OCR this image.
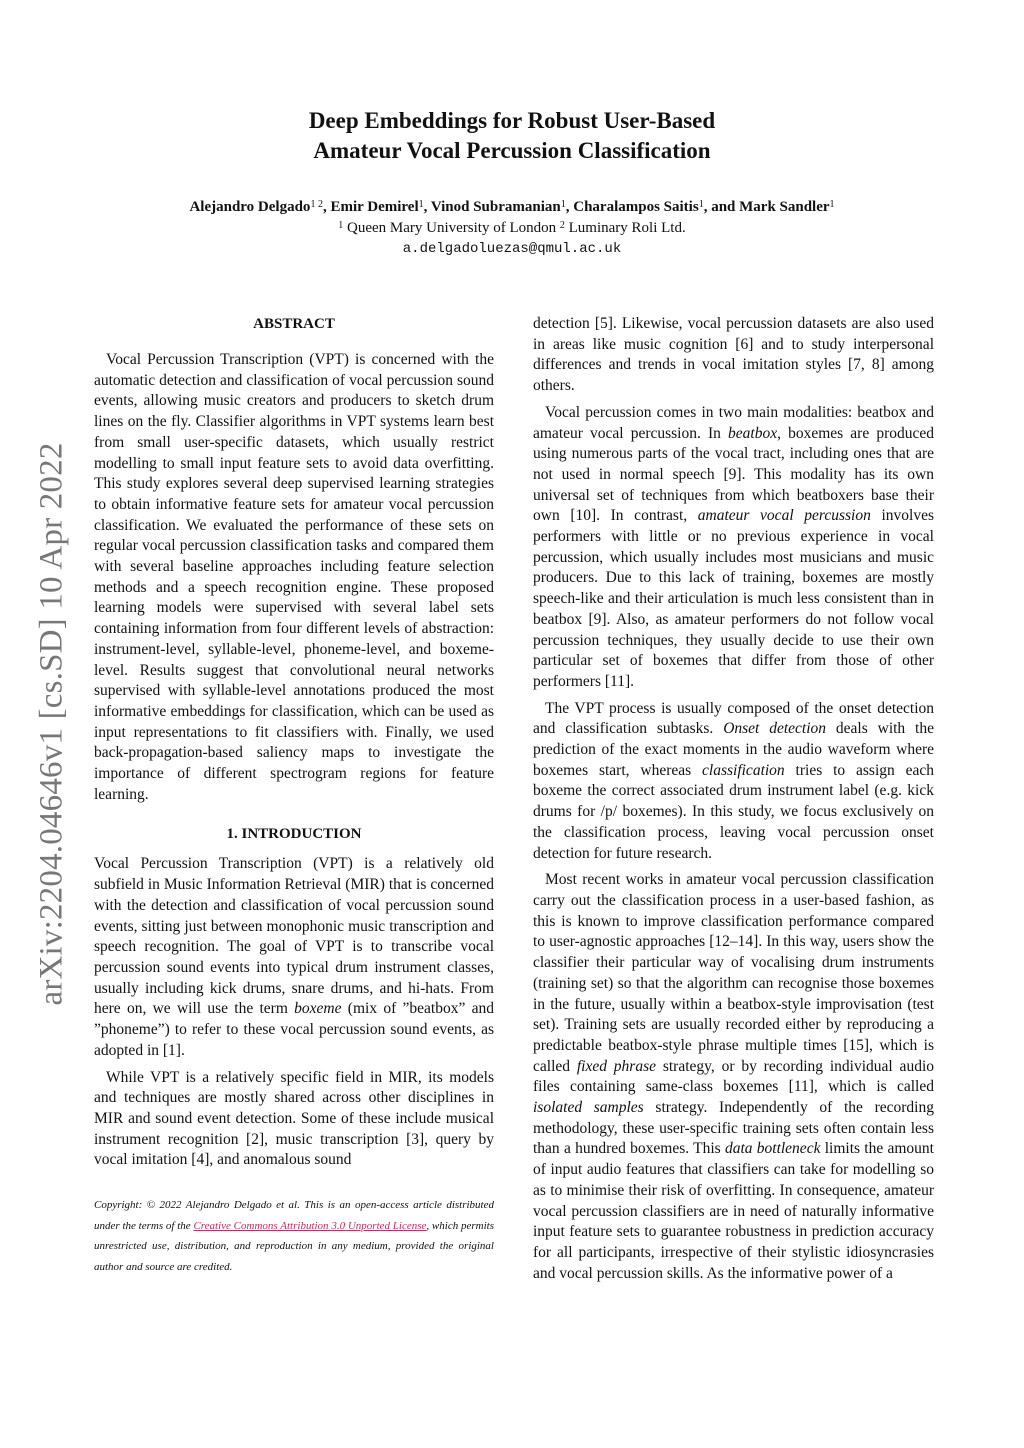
arXiv:2204.04646v1 [cs.SD] 10 Apr 2022
Deep Embeddings for Robust User-Based
Amateur Vocal Percussion Classification
Alejandro Delgado$^{1 2}$, Emir Demirel$^1$, Vinod Subramanian$^1$, Charalampos Saitis$^1$, and Mark Sandler$^1$
$^1$ Queen Mary University of London $^2$ Luminary Roli Ltd.
a.delgadoluezas@qmul.ac.uk
ABSTRACT

Vocal Percussion Transcription (VPT) is concerned with the automatic detection and classification of vocal percussion sound events, allowing music creators and producers to sketch drum lines on the fly. Classifier algorithms in VPT systems learn best from small user-specific datasets, which usually restrict modelling to small input feature sets to avoid data overfitting. This study explores several deep supervised learning strategies to obtain informative feature sets for amateur vocal percussion classification. We evaluated the performance of these sets on regular vocal percussion classification tasks and compared them with several baseline approaches including feature selection methods and a speech recognition engine. These proposed learning models were supervised with several label sets containing information from four different levels of abstraction: instrument-level, syllable-level, phoneme-level, and boxeme-level. Results suggest that convolutional neural networks supervised with syllable-level annotations produced the most informative embeddings for classification, which can be used as input representations to fit classifiers with. Finally, we used back-propagation-based saliency maps to investigate the importance of different spectrogram regions for feature learning.

1. INTRODUCTION

Vocal Percussion Transcription (VPT) is a relatively old subfield in Music Information Retrieval (MIR) that is concerned with the detection and classification of vocal percussion sound events, sitting just between monophonic music transcription and speech recognition. The goal of VPT is to transcribe vocal percussion sound events into typical drum instrument classes, usually including kick drums, snare drums, and hi-hats. From here on, we will use the term boxeme (mix of ”beatbox” and ”phoneme”) to refer to these vocal percussion sound events, as adopted in [1].

While VPT is a relatively specific field in MIR, its models and techniques are mostly shared across other disciplines in MIR and sound event detection. Some of these include musical instrument recognition [2], music transcription [3], query by vocal imitation [4], and anomalous sound

Copyright: © 2022 Alejandro Delgado et al. This is an open-access article distributed under the terms of the Creative Commons Attribution 3.0 Unported License, which permits unrestricted use, distribution, and reproduction in any medium, provided the original author and source are credited.

detection [5]. Likewise, vocal percussion datasets are also used in areas like music cognition [6] and to study interpersonal differences and trends in vocal imitation styles [7, 8] among others.

Vocal percussion comes in two main modalities: beatbox and amateur vocal percussion. In beatbox, boxemes are produced using numerous parts of the vocal tract, including ones that are not used in normal speech [9]. This modality has its own universal set of techniques from which beatboxers base their own [10]. In contrast, amateur vocal percussion involves performers with little or no previous experience in vocal percussion, which usually includes most musicians and music producers. Due to this lack of training, boxemes are mostly speech-like and their articulation is much less consistent than in beatbox [9]. Also, as amateur performers do not follow vocal percussion techniques, they usually decide to use their own particular set of boxemes that differ from those of other performers [11].

The VPT process is usually composed of the onset detection and classification subtasks. Onset detection deals with the prediction of the exact moments in the audio waveform where boxemes start, whereas classification tries to assign each boxeme the correct associated drum instrument label (e.g. kick drums for /p/ boxemes). In this study, we focus exclusively on the classification process, leaving vocal percussion onset detection for future research.

Most recent works in amateur vocal percussion classification carry out the classification process in a user-based fashion, as this is known to improve classification performance compared to user-agnostic approaches [12–14]. In this way, users show the classifier their particular way of vocalising drum instruments (training set) so that the algorithm can recognise those boxemes in the future, usually within a beatbox-style improvisation (test set). Training sets are usually recorded either by reproducing a predictable beatbox-style phrase multiple times [15], which is called fixed phrase strategy, or by recording individual audio files containing same-class boxemes [11], which is called isolated samples strategy. Independently of the recording methodology, these user-specific training sets often contain less than a hundred boxemes. This data bottleneck limits the amount of input audio features that classifiers can take for modelling so as to minimise their risk of overfitting. In consequence, amateur vocal percussion classifiers are in need of naturally informative input feature sets to guarantee robustness in prediction accuracy for all participants, irrespective of their stylistic idiosyncrasies and vocal percussion skills. As the informative power of a
